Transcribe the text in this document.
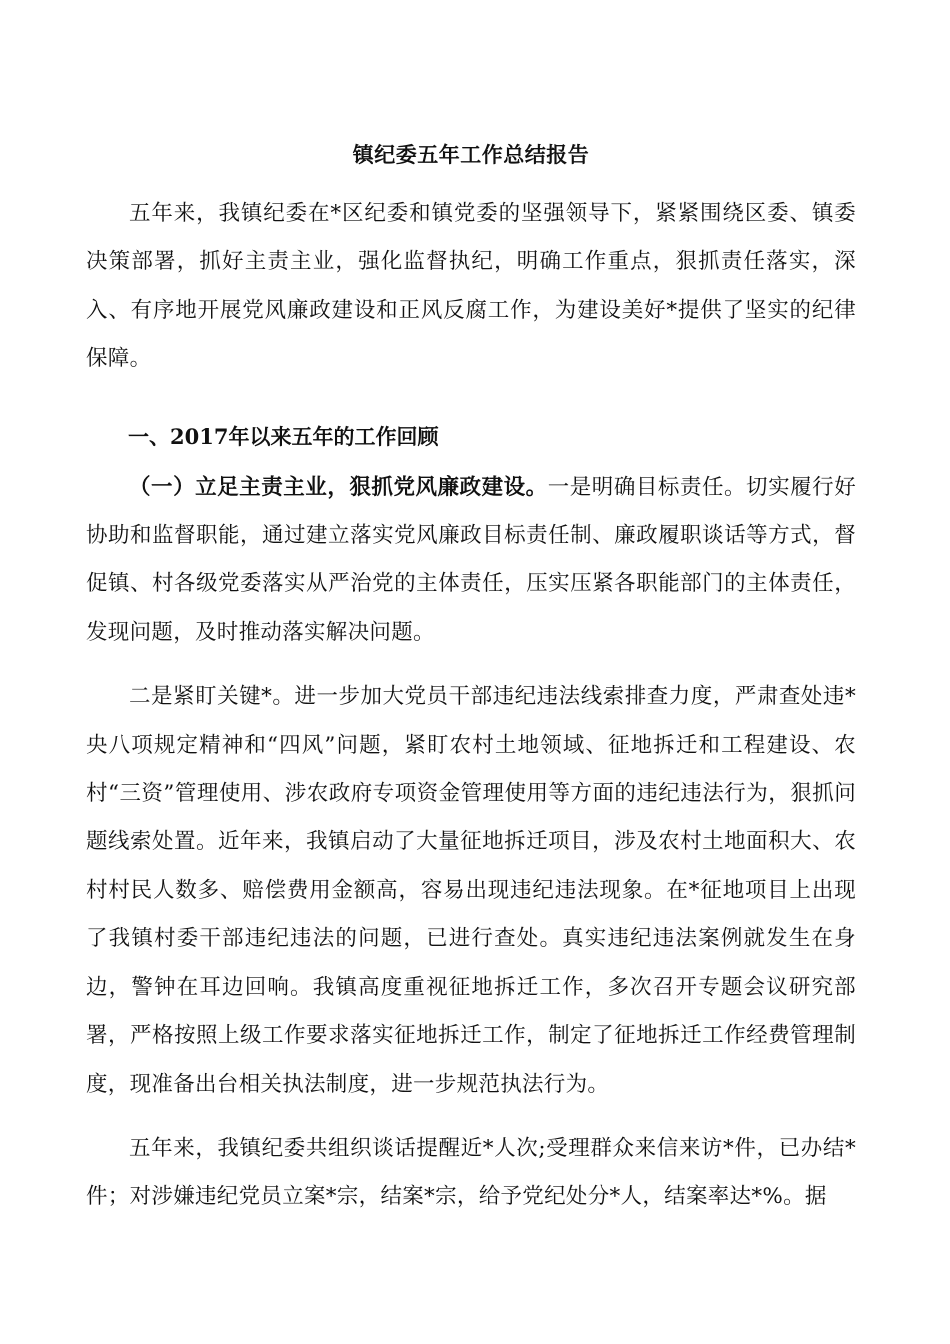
镇纪委五年工作总结报告

五年来，我镇纪委在*区纪委和镇党委的坚强领导下，紧紧围绕区委、镇委决策部署，抓好主责主业，强化监督执纪，明确工作重点，狠抓责任落实，深入、有序地开展党风廉政建设和正风反腐工作，为建设美好*提供了坚实的纪律保障。

一、2017年以来五年的工作回顾

（一）立足主责主业，狠抓党风廉政建设。一是明确目标责任。切实履行好协助和监督职能，通过建立落实党风廉政目标责任制、廉政履职谈话等方式，督促镇、村各级党委落实从严治党的主体责任，压实压紧各职能部门的主体责任，发现问题，及时推动落实解决问题。

二是紧盯关键*。进一步加大党员干部违纪违法线索排查力度，严肃查处违*央八项规定精神和“四风”问题，紧盯农村土地领域、征地拆迁和工程建设、农村“三资”管理使用、涉农政府专项资金管理使用等方面的违纪违法行为，狠抓问题线索处置。近年来，我镇启动了大量征地拆迁项目，涉及农村土地面积大、农村村民人数多、赔偿费用金额高，容易出现违纪违法现象。在*征地项目上出现了我镇村委干部违纪违法的问题，已进行查处。真实违纪违法案例就发生在身边，警钟在耳边回响。我镇高度重视征地拆迁工作，多次召开专题会议研究部署，严格按照上级工作要求落实征地拆迁工作，制定了征地拆迁工作经费管理制度，现准备出台相关执法制度，进一步规范执法行为。

五年来，我镇纪委共组织谈话提醒近*人次;受理群众来信来访*件，已办结*件；对涉嫌违纪党员立案*宗，结案*宗，给予党纪处分*人，结案率达*%。据
